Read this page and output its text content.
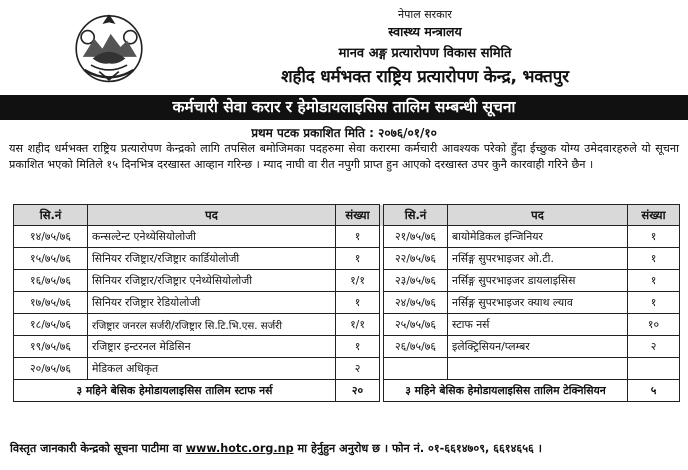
नेपाल सरकार
स्वास्थ्य मन्त्रालय
मानव अङ्ग प्रत्यारोपण विकास समिति
शहीद धर्मभक्त राष्ट्रिय प्रत्यारोपण केन्द्र, भक्तपुर
कर्मचारी सेवा करार र हेमोडायलाइसिस तालिम सम्बन्धी सूचना
प्रथम पटक प्रकाशित मिति : २०७६/०१/१०
यस शहीद धर्मभक्त राष्ट्रिय प्रत्यारोपण केन्द्रको लागि तपसिल बमोजिमका पदहरुमा सेवा करारमा कर्मचारी आवश्यक परेको हुँदा ईच्छुक योग्य उमेदवारहरुले यो सूचना प्रकाशित भएको मितिले १५ दिनभित्र दरखास्त आव्हान गरिन्छ । म्याद नाघी वा रीत नपुगी प्राप्त हुन आएको दरखास्त उपर कुनै कारवाही गरिने छैन ।
सि.नं	पद	संख्या		सि.नं	पद	संख्या
१४/७५/७६	कन्सल्टेन्ट एनेथ्येसियोलोजी	१		२१/७५/७६	बायोमेडिकल इन्जिनियर	१
१५/७५/७६	सिनियर रजिष्ट्रार/रजिष्ट्रार कार्डियोलोजी	१		२२/७५/७६	नर्सिङ्ग सुपरभाइजर ओ.टी.	१
१६/७५/७६	सिनियर रजिष्ट्रार/रजिष्ट्रार एनेथ्येसियोलोजी	१/१		२३/७५/७६	नर्सिङ्ग सुपरभाइजर डायलाइसिस	१
१७/७५/७६	सिनियर रजिष्ट्रार रेडियोलोजी	१		२४/७५/७६	नर्सिङ्ग सुपरभाइजर क्याथ ल्याव	१
१८/७५/७६	रजिष्ट्रार जनरल सर्जरी/रजिष्ट्रार सि.टि.भि.एस. सर्जरी	१/१		२५/७५/७६	स्टाफ नर्स	१०
१९/७५/७६	रजिष्ट्रार इन्टरनल मेडिसिन	१		२६/७५/७६	इलेक्ट्रिसियन/प्लम्बर	२
२०/७५/७६	मेडिकल अधिकृत	२				
३ महिने बेसिक हेमोडायलाइसिस तालिम स्टाफ नर्स		२०		३ महिने बेसिक हेमोडायलाइसिस तालिम टेक्निसियन		५
विस्तृत जानकारी केन्द्रको सूचना पाटीमा वा www.hotc.org.np मा हेर्नुहुन अनुरोध छ । फोन नं. ०१-६६१४७०९, ६६१४६५६ ।
